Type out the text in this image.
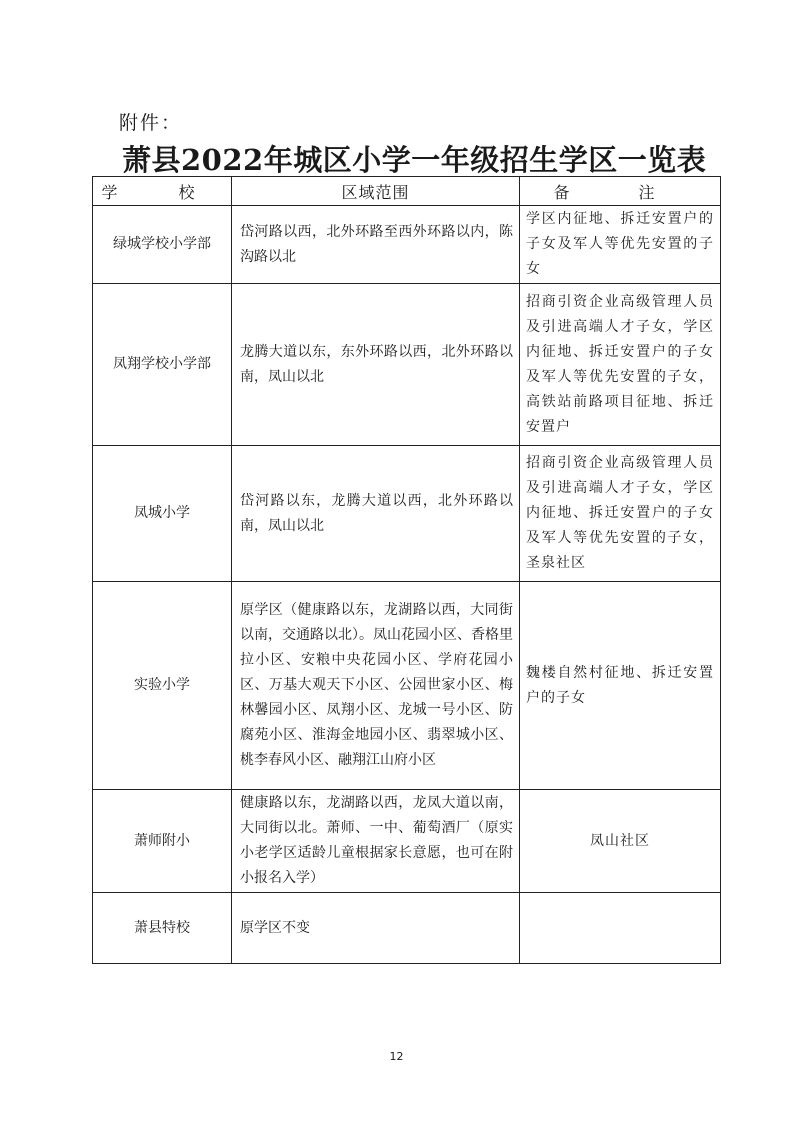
附件：
萧县2022年城区小学一年级招生学区一览表
学 校	区域范围	备 注
绿城学校小学部	岱河路以西，北外环路至西外环路以内，陈沟路以北	学区内征地、拆迁安置户的子女及军人等优先安置的子女
凤翔学校小学部	龙腾大道以东，东外环路以西，北外环路以南，凤山以北	招商引资企业高级管理人员及引进高端人才子女，学区内征地、拆迁安置户的子女及军人等优先安置的子女，高铁站前路项目征地、拆迁安置户
凤城小学	岱河路以东，龙腾大道以西，北外环路以南，凤山以北	招商引资企业高级管理人员及引进高端人才子女，学区内征地、拆迁安置户的子女及军人等优先安置的子女，圣泉社区
实验小学	原学区（健康路以东，龙湖路以西，大同街以南，交通路以北）。凤山花园小区、香格里拉小区、安粮中央花园小区、学府花园小区、万基大观天下小区、公园世家小区、梅林馨园小区、凤翔小区、龙城一号小区、防腐苑小区、淮海金地园小区、翡翠城小区、桃李春风小区、融翔江山府小区	魏楼自然村征地、拆迁安置户的子女
萧师附小	健康路以东，龙湖路以西，龙凤大道以南，大同街以北。萧师、一中、葡萄酒厂（原实小老学区适龄儿童根据家长意愿，也可在附小报名入学）	凤山社区
萧县特校	原学区不变	
12
